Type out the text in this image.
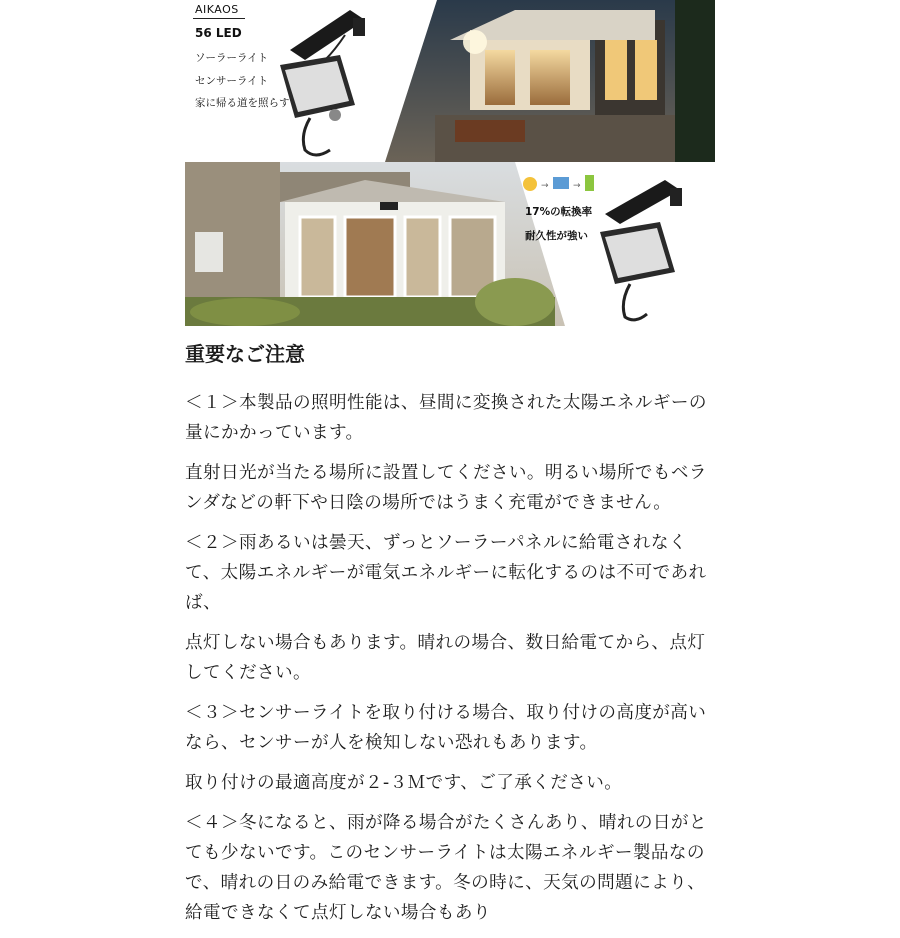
AIKAOS
56 LED
ソーラーライト
センサーライト
家に帰る道を照らす
→	→
17%の転換率
耐久性が強い
重要なご注意

＜１＞本製品の照明性能は、昼間に変換された太陽エネルギーの量にかかっています。

直射日光が当たる場所に設置してください。明るい場所でもベランダなどの軒下や日陰の場所ではうまく充電ができません。

＜２＞雨あるいは曇天、ずっとソーラーパネルに給電されなくて、太陽エネルギーが電気エネルギーに転化するのは不可であれば、

点灯しない場合もあります。晴れの場合、数日給電てから、点灯してください。

＜３＞センサーライトを取り付ける場合、取り付けの高度が高いなら、センサーが人を検知しない恐れもあります。

取り付けの最適高度が２-３Ｍです、ご了承ください。

＜４＞冬になると、雨が降る場合がたくさんあり、晴れの日がとても少ないです。このセンサーライトは太陽エネルギー製品なので、晴れの日のみ給電できます。冬の時に、天気の問題により、給電できなくて点灯しない場合もあり
